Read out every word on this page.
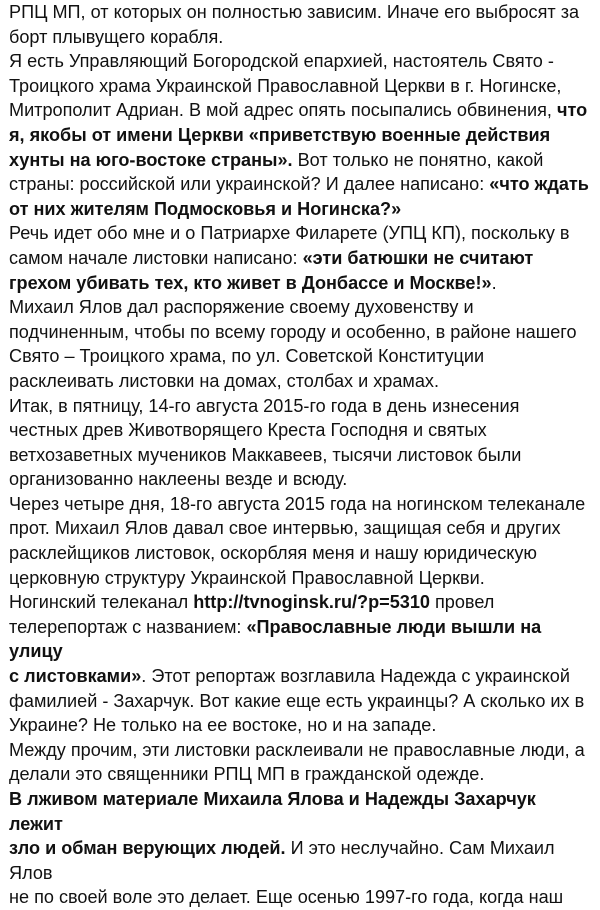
РПЦ МП, от которых он полностью зависим. Иначе его выбросят за
борт плывущего корабля.

Я есть Управляющий Богородской епархией, настоятель Свято -
Троицкого храма Украинской Православной Церкви в г. Ногинске,
Митрополит Адриан. В мой адрес опять посыпались обвинения, что
я, якобы от имени Церкви «приветствую военные действия
хунты на юго-востоке страны». Вот только не понятно, какой
страны: российской или украинской? И далее написано: «что ждать
от них жителям Подмосковья и Ногинска?»

Речь идет обо мне и о Патриархе Филарете (УПЦ КП), поскольку в
самом начале листовки написано: «эти батюшки не считают
грехом убивать тех, кто живет в Донбассе и Москве!».

Михаил Ялов дал распоряжение своему духовенству и
подчиненным, чтобы по всему городу и особенно, в районе нашего
Свято – Троицкого храма, по ул. Советской Конституции
расклеивать листовки на домах, столбах и храмах.

Итак, в пятницу, 14-го августа 2015-го года в день изнесения
честных древ Животворящего Креста Господня и святых
ветхозаветных мучеников Маккавеев, тысячи листовок были
организованно наклеены везде и всюду.

Через четыре дня, 18-го августа 2015 года на ногинском телеканале
прот. Михаил Ялов давал свое интервью, защищая себя и других
расклейщиков листовок, оскорбляя меня и нашу юридическую
церковную структуру Украинской Православной Церкви.

Ногинский телеканал http://tvnoginsk.ru/?p=5310 провел
телерепортаж с названием: «Православные люди вышли на улицу
с листовками». Этот репортаж возглавила Надежда с украинской
фамилией - Захарчук. Вот какие еще есть украинцы? А сколько их в
Украине? Не только на ее востоке, но и на западе.

Между прочим, эти листовки расклеивали не православные люди, а
делали это священники РПЦ МП в гражданской одежде.

В лживом материале Михаила Ялова и Надежды Захарчук лежит
зло и обман верующих людей. И это неслучайно. Сам Михаил Ялов
не по своей воле это делает. Еще осенью 1997-го года, когда наш
